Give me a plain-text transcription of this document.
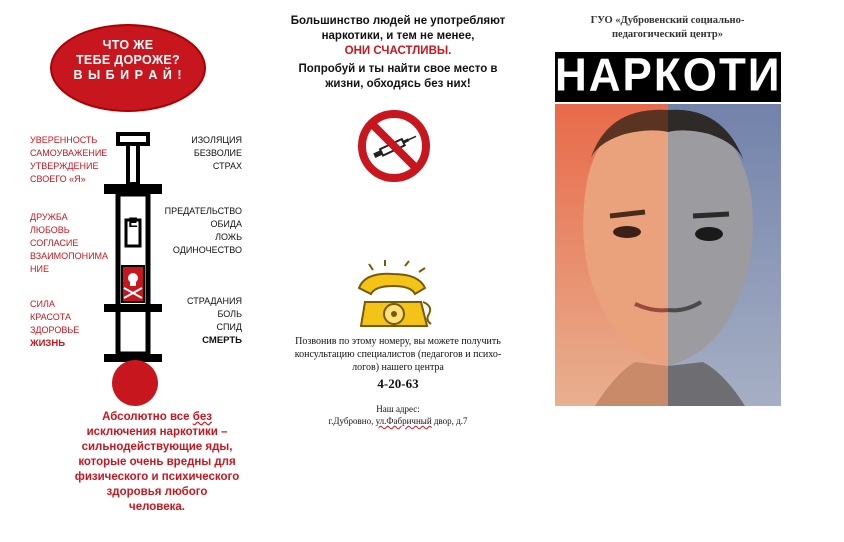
ЧТО ЖЕ
ТЕБЕ ДОРОЖЕ?
В Ы Б И Р А Й !
Е
УВЕРЕННОСТЬ
САМОУВАЖЕНИЕ
УТВЕРЖДЕНИЕ
СВОЕГО «Я»
ДРУЖБА
ЛЮБОВЬ
СОГЛАСИЕ
ВЗАИМОПОНИМА
НИЕ
СИЛА
КРАСОТА
ЗДОРОВЬЕ
ЖИЗНЬ
ИЗОЛЯЦИЯ
БЕЗВОЛИЕ
СТРАХ
ПРЕДАТЕЛЬСТВО
ОБИДА
ЛОЖЬ
ОДИНОЧЕСТВО
СТРАДАНИЯ
БОЛЬ
СПИД
СМЕРТЬ
Абсолютно все без
исключения наркотики –
сильнодействующие яды,
которые очень вредны для
физического и психического
здоровья любого
человека.
Большинство людей не употребляют
наркотики, и тем не менее,
ОНИ СЧАСТЛИВЫ.
Попробуй и ты найти свое место в
жизни, обходясь без них!
Позвонив по этому номеру, вы можете получить
консультацию специалистов (педагогов и психо-
логов) нашего центра
4-20-63
Наш адрес:
г.Дубровно, ул.Фабричный двор, д.7
ГУО «Дубровенский социально-
педагогический центр»
НАРКОТИКИ
